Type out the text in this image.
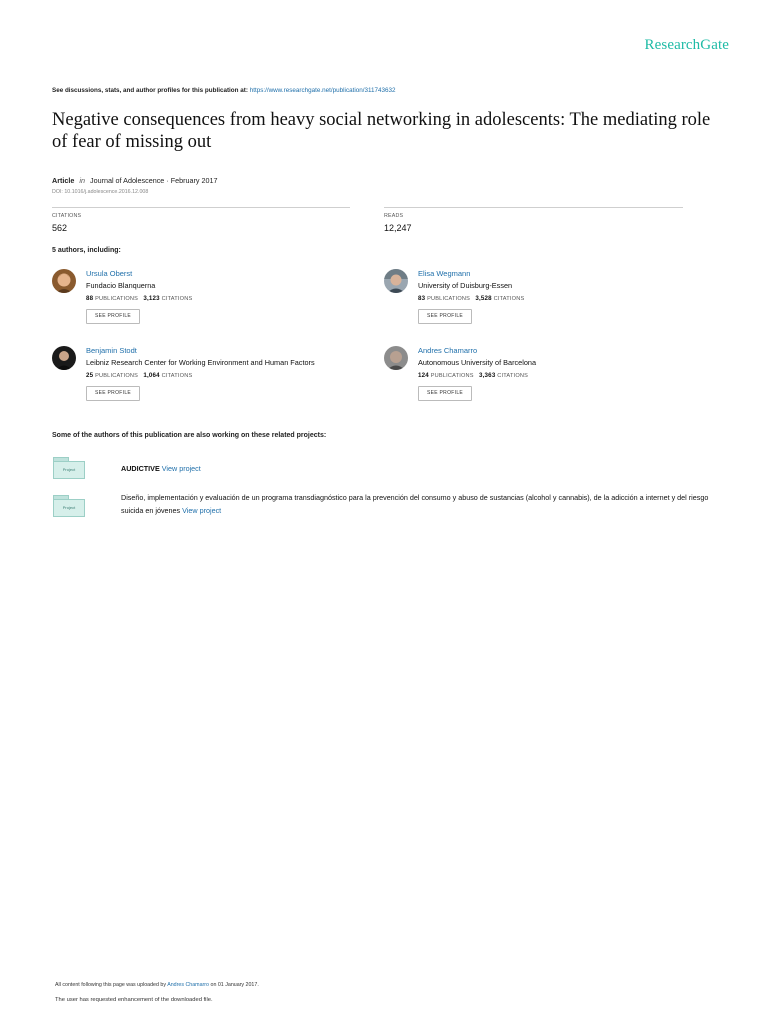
ResearchGate
See discussions, stats, and author profiles for this publication at: https://www.researchgate.net/publication/311743632
Negative consequences from heavy social networking in adolescents: The mediating role of fear of missing out
Article in Journal of Adolescence · February 2017
DOI: 10.1016/j.adolescence.2016.12.008
CITATIONS
562
READS
12,247
5 authors, including:
Ursula Oberst
Fundacio Blanquerna
88 PUBLICATIONS 3,123 CITATIONS
SEE PROFILE
Elisa Wegmann
University of Duisburg-Essen
83 PUBLICATIONS 3,528 CITATIONS
SEE PROFILE
Benjamin Stodt
Leibniz Research Center for Working Environment and Human Factors
25 PUBLICATIONS 1,064 CITATIONS
SEE PROFILE
Andres Chamarro
Autonomous University of Barcelona
124 PUBLICATIONS 3,363 CITATIONS
SEE PROFILE
Some of the authors of this publication are also working on these related projects:
Project	AUDICTIVE View project
Project
Diseño, implementación y evaluación de un programa transdiagnóstico para la prevención del consumo y abuso de sustancias (alcohol y cannabis), de la adicción a internet y del riesgo suicida en jóvenes View project
All content following this page was uploaded by Andres Chamarro on 01 January 2017.
The user has requested enhancement of the downloaded file.
